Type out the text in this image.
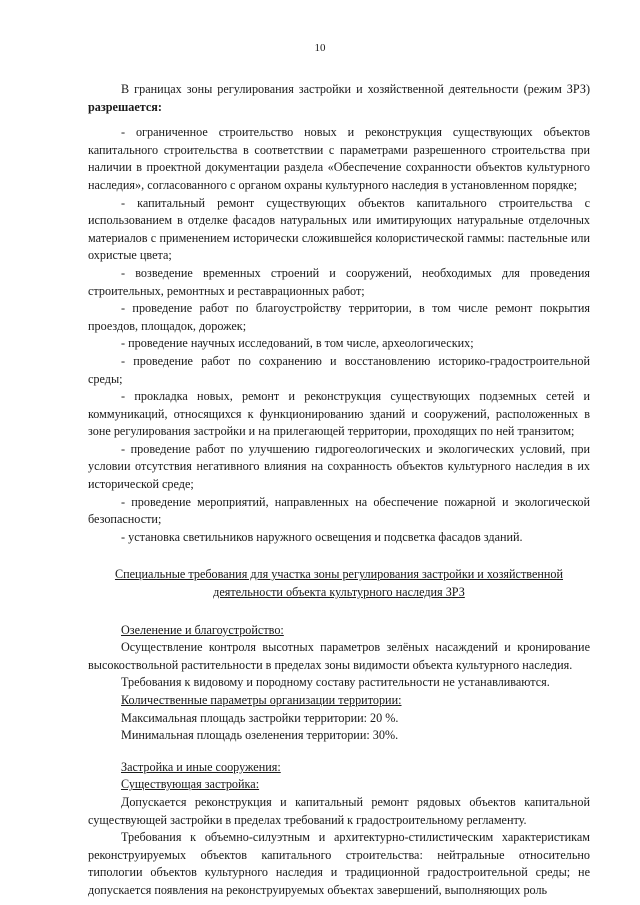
10

В границах зоны регулирования застройки и хозяйственной деятельности (режим ЗРЗ) разрешается:

- ограниченное строительство новых и реконструкция существующих объектов капитального строительства в соответствии с параметрами разрешенного строительства при наличии в проектной документации раздела «Обеспечение сохранности объектов культурного наследия», согласованного с органом охраны культурного наследия в установленном порядке;

- капитальный ремонт существующих объектов капитального строительства с использованием в отделке фасадов натуральных или имитирующих натуральные отделочных материалов с применением исторически сложившейся колористической гаммы: пастельные или охристые цвета;

- возведение временных строений и сооружений, необходимых для проведения строительных, ремонтных и реставрационных работ;

- проведение работ по благоустройству территории, в том числе ремонт покрытия проездов, площадок, дорожек;

- проведение научных исследований, в том числе, археологических;

- проведение работ по сохранению и восстановлению историко-градостроительной среды;

- прокладка новых, ремонт и реконструкция существующих подземных сетей и коммуникаций, относящихся к функционированию зданий и сооружений, расположенных в зоне регулирования застройки и на прилегающей территории, проходящих по ней транзитом;

- проведение работ по улучшению гидрогеологических и экологических условий, при условии отсутствия негативного влияния на сохранность объектов культурного наследия в их исторической среде;

- проведение мероприятий, направленных на обеспечение пожарной и экологической безопасности;

- установка светильников наружного освещения и подсветка фасадов зданий.

Специальные требования для участка зоны регулирования застройки и хозяйственной деятельности объекта культурного наследия ЗРЗ

Озеленение и благоустройство:

Осуществление контроля высотных параметров зелёных насаждений и кронирование высокоствольной растительности в пределах зоны видимости объекта культурного наследия.

Требования к видовому и породному составу растительности не устанавливаются.

Количественные параметры организации территории:

Максимальная площадь застройки территории: 20 %.

Минимальная площадь озеленения территории: 30%.

Застройка и иные сооружения:

Существующая застройка:

Допускается реконструкция и капитальный ремонт рядовых объектов капитальной существующей застройки в пределах требований к градостроительному регламенту.

Требования к объемно-силуэтным и архитектурно-стилистическим характеристикам реконструируемых объектов капитального строительства: нейтральные относительно типологии объектов культурного наследия и традиционной градостроительной среды; не допускается появления на реконструируемых объектах завершений, выполняющих роль
